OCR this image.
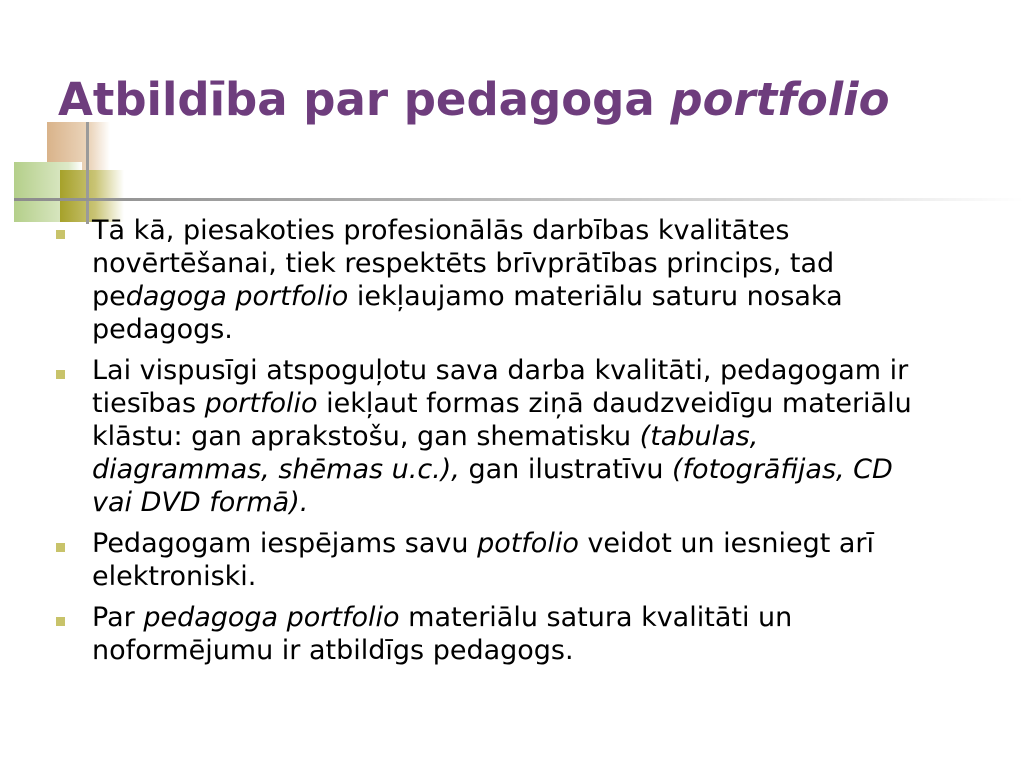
Atbildība par pedagoga portfolio
Tā kā, piesakoties profesionālās darbības kvalitātes novērtēšanai, tiek respektēts brīvprātības princips, tad pedagoga portfolio iekļaujamo materiālu saturu nosaka pedagogs.
Lai vispusīgi atspoguļotu sava darba kvalitāti, pedagogam ir tiesības portfolio iekļaut formas ziņā daudzveidīgu materiālu klāstu: gan aprakstošu, gan shematisku (tabulas, diagrammas, shēmas u.c.), gan ilustratīvu (fotogrāfijas, CD vai DVD formā).
Pedagogam iespējams savu potfolio veidot un iesniegt arī elektroniski.
Par pedagoga portfolio materiālu satura kvalitāti un noformējumu ir atbildīgs pedagogs.
